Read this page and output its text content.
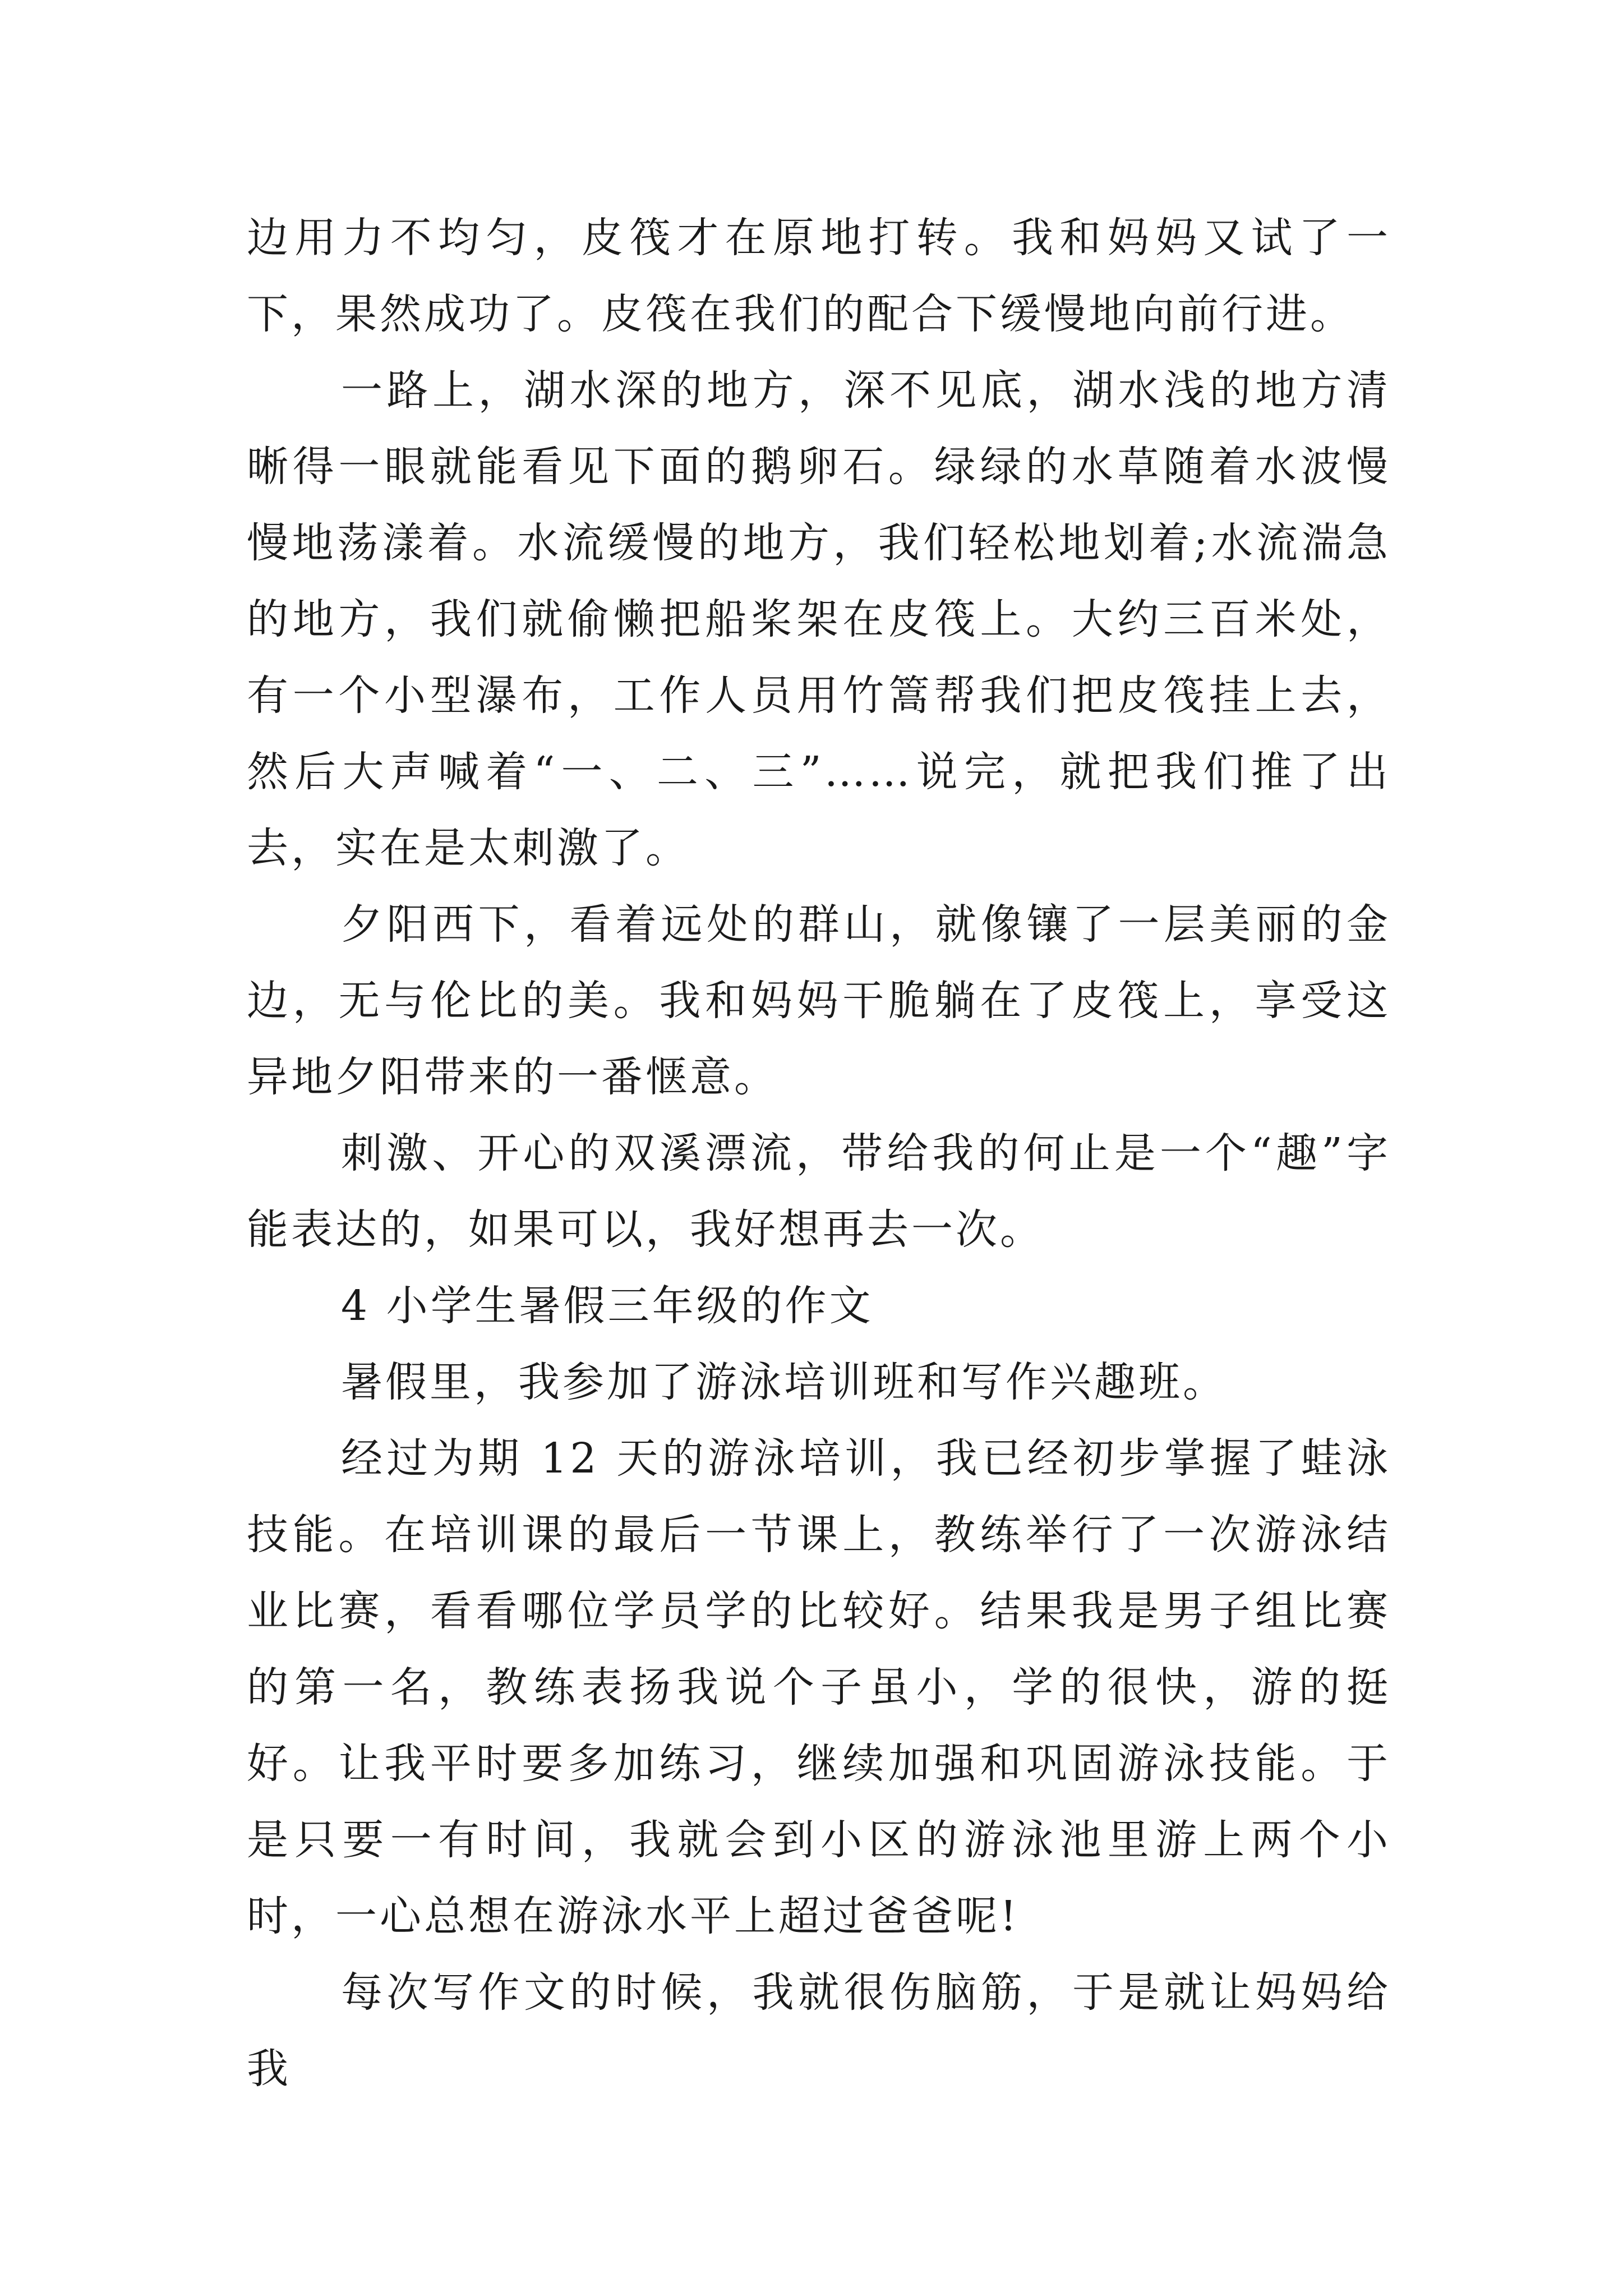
边用力不均匀，皮筏才在原地打转。我和妈妈又试了一下，果然成功了。皮筏在我们的配合下缓慢地向前行进。

一路上，湖水深的地方，深不见底，湖水浅的地方清晰得一眼就能看见下面的鹅卵石。绿绿的水草随着水波慢慢地荡漾着。水流缓慢的地方，我们轻松地划着;水流湍急的地方，我们就偷懒把船桨架在皮筏上。大约三百米处，有一个小型瀑布，工作人员用竹篙帮我们把皮筏挂上去，然后大声喊着“一、二、三”……说完，就把我们推了出去，实在是太刺激了。

夕阳西下，看着远处的群山，就像镶了一层美丽的金边，无与伦比的美。我和妈妈干脆躺在了皮筏上，享受这异地夕阳带来的一番惬意。

刺激、开心的双溪漂流，带给我的何止是一个“趣”字能表达的，如果可以，我好想再去一次。

4 小学生暑假三年级的作文

暑假里，我参加了游泳培训班和写作兴趣班。

经过为期 12 天的游泳培训，我已经初步掌握了蛙泳技能。在培训课的最后一节课上，教练举行了一次游泳结业比赛，看看哪位学员学的比较好。结果我是男子组比赛的第一名，教练表扬我说个子虽小，学的很快，游的挺好。让我平时要多加练习，继续加强和巩固游泳技能。于是只要一有时间，我就会到小区的游泳池里游上两个小时，一心总想在游泳水平上超过爸爸呢!

每次写作文的时候，我就很伤脑筋，于是就让妈妈给我
